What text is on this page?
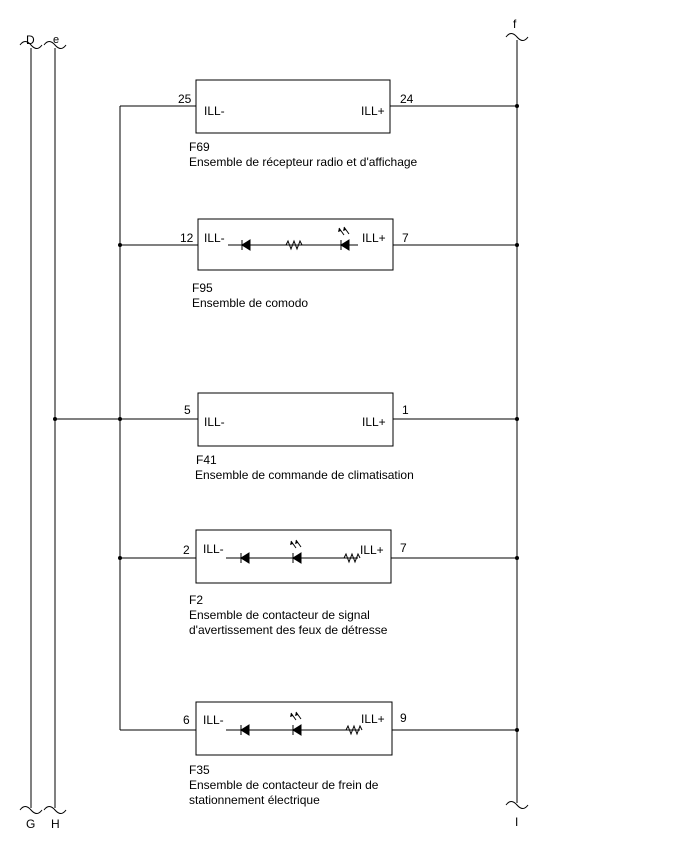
D e
f
G H	I
25	24
ILL-	ILL+
F69
Ensemble de récepteur radio et d'affichage
12	7
ILL-	ILL+
F95
Ensemble de comodo
5	1
ILL-	ILL+
F41
Ensemble de commande de climatisation
2	7
ILL-	ILL+
F2
Ensemble de contacteur de signal
d'avertissement des feux de détresse
6	9
ILL-	ILL+
F35
Ensemble de contacteur de frein de
stationnement électrique
